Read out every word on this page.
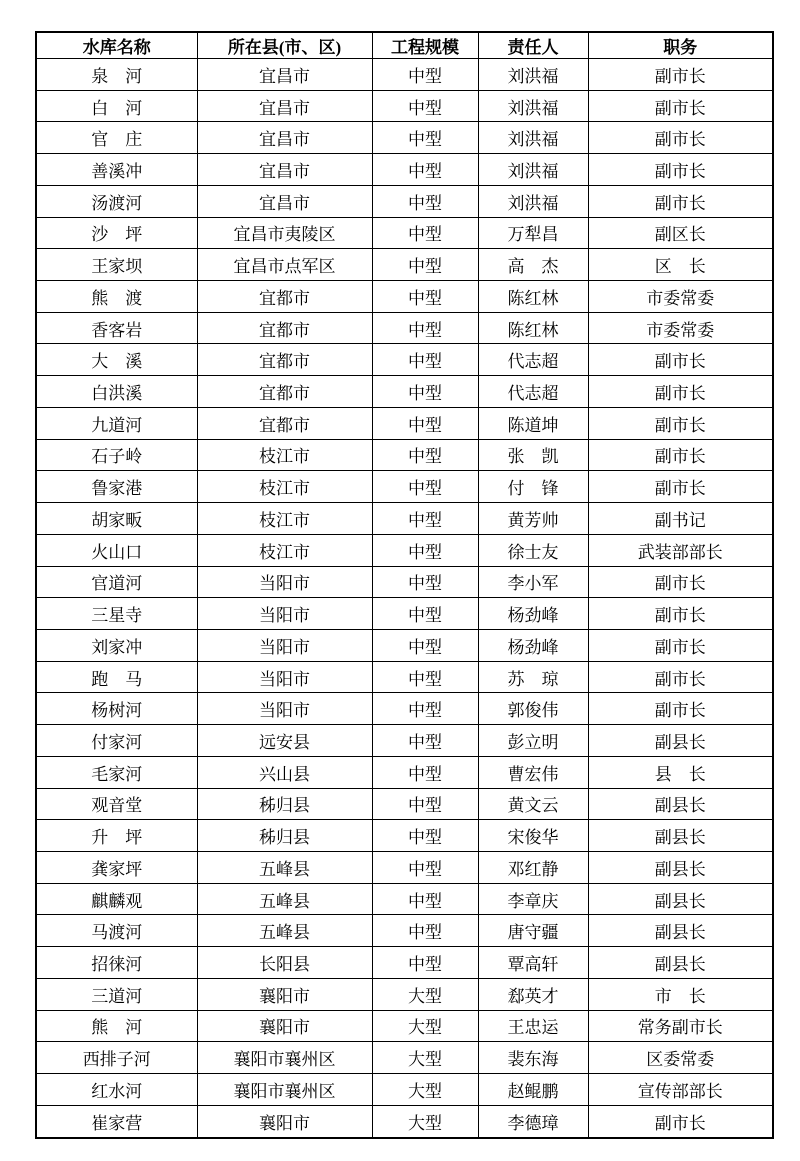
水库名称	所在县(市、区)	工程规模	责任人	职务
泉　河	宜昌市	中型	刘洪福	副市长
白　河	宜昌市	中型	刘洪福	副市长
官　庄	宜昌市	中型	刘洪福	副市长
善溪冲	宜昌市	中型	刘洪福	副市长
汤渡河	宜昌市	中型	刘洪福	副市长
沙　坪	宜昌市夷陵区	中型	万犁昌	副区长
王家坝	宜昌市点军区	中型	高　杰	区　长
熊　渡	宜都市	中型	陈红林	市委常委
香客岩	宜都市	中型	陈红林	市委常委
大　溪	宜都市	中型	代志超	副市长
白洪溪	宜都市	中型	代志超	副市长
九道河	宜都市	中型	陈道坤	副市长
石子岭	枝江市	中型	张　凯	副市长
鲁家港	枝江市	中型	付　锋	副市长
胡家畈	枝江市	中型	黄芳帅	副书记
火山口	枝江市	中型	徐士友	武装部部长
官道河	当阳市	中型	李小军	副市长
三星寺	当阳市	中型	杨劲峰	副市长
刘家冲	当阳市	中型	杨劲峰	副市长
跑　马	当阳市	中型	苏　琼	副市长
杨树河	当阳市	中型	郭俊伟	副市长
付家河	远安县	中型	彭立明	副县长
毛家河	兴山县	中型	曹宏伟	县　长
观音堂	秭归县	中型	黄文云	副县长
升　坪	秭归县	中型	宋俊华	副县长
龚家坪	五峰县	中型	邓红静	副县长
麒麟观	五峰县	中型	李章庆	副县长
马渡河	五峰县	中型	唐守疆	副县长
招徕河	长阳县	中型	覃高轩	副县长
三道河	襄阳市	大型	郄英才	市　长
熊　河	襄阳市	大型	王忠运	常务副市长
西排子河	襄阳市襄州区	大型	裴东海	区委常委
红水河	襄阳市襄州区	大型	赵鲲鹏	宣传部部长
崔家营	襄阳市	大型	李德璋	副市长
